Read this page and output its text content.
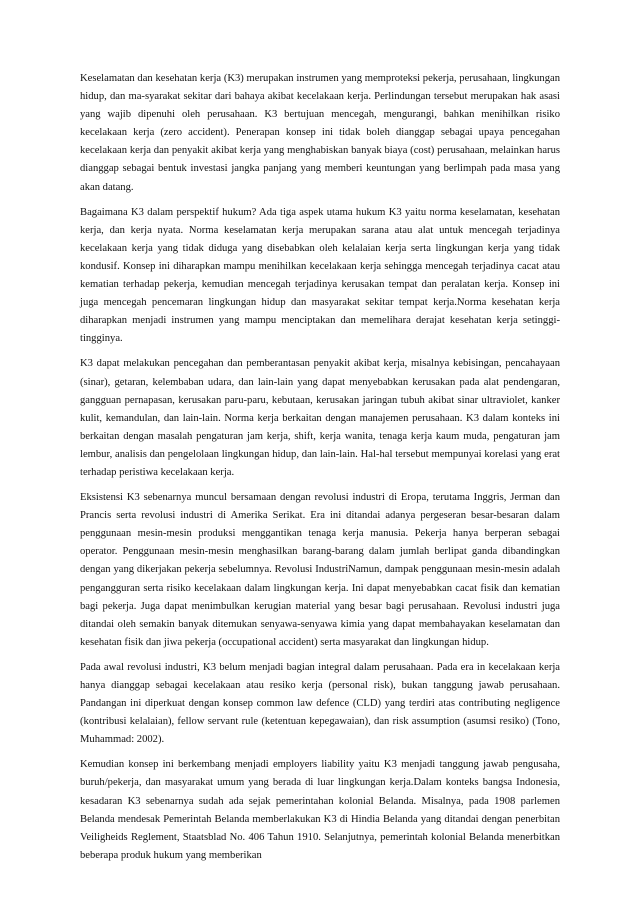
Keselamatan dan kesehatan kerja (K3) merupakan instrumen yang memproteksi pekerja, perusahaan, lingkungan hidup, dan ma-syarakat sekitar dari bahaya akibat kecelakaan kerja. Perlindungan tersebut merupakan hak asasi yang wajib dipenuhi oleh perusahaan. K3 bertujuan mencegah, mengurangi, bahkan menihilkan risiko kecelakaan kerja (zero accident). Penerapan konsep ini tidak boleh dianggap sebagai upaya pencegahan kecelakaan kerja dan penyakit akibat kerja yang menghabiskan banyak biaya (cost) perusahaan, melainkan harus dianggap sebagai bentuk investasi jangka panjang yang memberi keuntungan yang berlimpah pada masa yang akan datang.

Bagaimana K3 dalam perspektif hukum? Ada tiga aspek utama hukum K3 yaitu norma keselamatan, kesehatan kerja, dan kerja nyata. Norma keselamatan kerja merupakan sarana atau alat untuk mencegah terjadinya kecelakaan kerja yang tidak diduga yang disebabkan oleh kelalaian kerja serta lingkungan kerja yang tidak kondusif. Konsep ini diharapkan mampu menihilkan kecelakaan kerja sehingga mencegah terjadinya cacat atau kematian terhadap pekerja, kemudian mencegah terjadinya kerusakan tempat dan peralatan kerja. Konsep ini juga mencegah pencemaran lingkungan hidup dan masyarakat sekitar tempat kerja.Norma kesehatan kerja diharapkan menjadi instrumen yang mampu menciptakan dan memelihara derajat kesehatan kerja setinggi-tingginya.

K3 dapat melakukan pencegahan dan pemberantasan penyakit akibat kerja, misalnya kebisingan, pencahayaan (sinar), getaran, kelembaban udara, dan lain-lain yang dapat menyebabkan kerusakan pada alat pendengaran, gangguan pernapasan, kerusakan paru-paru, kebutaan, kerusakan jaringan tubuh akibat sinar ultraviolet, kanker kulit, kemandulan, dan lain-lain. Norma kerja berkaitan dengan manajemen perusahaan. K3 dalam konteks ini berkaitan dengan masalah pengaturan jam kerja, shift, kerja wanita, tenaga kerja kaum muda, pengaturan jam lembur, analisis dan pengelolaan lingkungan hidup, dan lain-lain. Hal-hal tersebut mempunyai korelasi yang erat terhadap peristiwa kecelakaan kerja.

Eksistensi K3 sebenarnya muncul bersamaan dengan revolusi industri di Eropa, terutama Inggris, Jerman dan Prancis serta revolusi industri di Amerika Serikat. Era ini ditandai adanya pergeseran besar-besaran dalam penggunaan mesin-mesin produksi menggantikan tenaga kerja manusia. Pekerja hanya berperan sebagai operator. Penggunaan mesin-mesin menghasilkan barang-barang dalam jumlah berlipat ganda dibandingkan dengan yang dikerjakan pekerja sebelumnya. Revolusi IndustriNamun, dampak penggunaan mesin-mesin adalah pengangguran serta risiko kecelakaan dalam lingkungan kerja. Ini dapat menyebabkan cacat fisik dan kematian bagi pekerja. Juga dapat menimbulkan kerugian material yang besar bagi perusahaan. Revolusi industri juga ditandai oleh semakin banyak ditemukan senyawa-senyawa kimia yang dapat membahayakan keselamatan dan kesehatan fisik dan jiwa pekerja (occupational accident) serta masyarakat dan lingkungan hidup.

Pada awal revolusi industri, K3 belum menjadi bagian integral dalam perusahaan. Pada era in kecelakaan kerja hanya dianggap sebagai kecelakaan atau resiko kerja (personal risk), bukan tanggung jawab perusahaan. Pandangan ini diperkuat dengan konsep common law defence (CLD) yang terdiri atas contributing negligence (kontribusi kelalaian), fellow servant rule (ketentuan kepegawaian), dan risk assumption (asumsi resiko) (Tono, Muhammad: 2002).

Kemudian konsep ini berkembang menjadi employers liability yaitu K3 menjadi tanggung jawab pengusaha, buruh/pekerja, dan masyarakat umum yang berada di luar lingkungan kerja.Dalam konteks bangsa Indonesia, kesadaran K3 sebenarnya sudah ada sejak pemerintahan kolonial Belanda. Misalnya, pada 1908 parlemen Belanda mendesak Pemerintah Belanda memberlakukan K3 di Hindia Belanda yang ditandai dengan penerbitan Veiligheids Reglement, Staatsblad No. 406 Tahun 1910. Selanjutnya, pemerintah kolonial Belanda menerbitkan beberapa produk hukum yang memberikan
